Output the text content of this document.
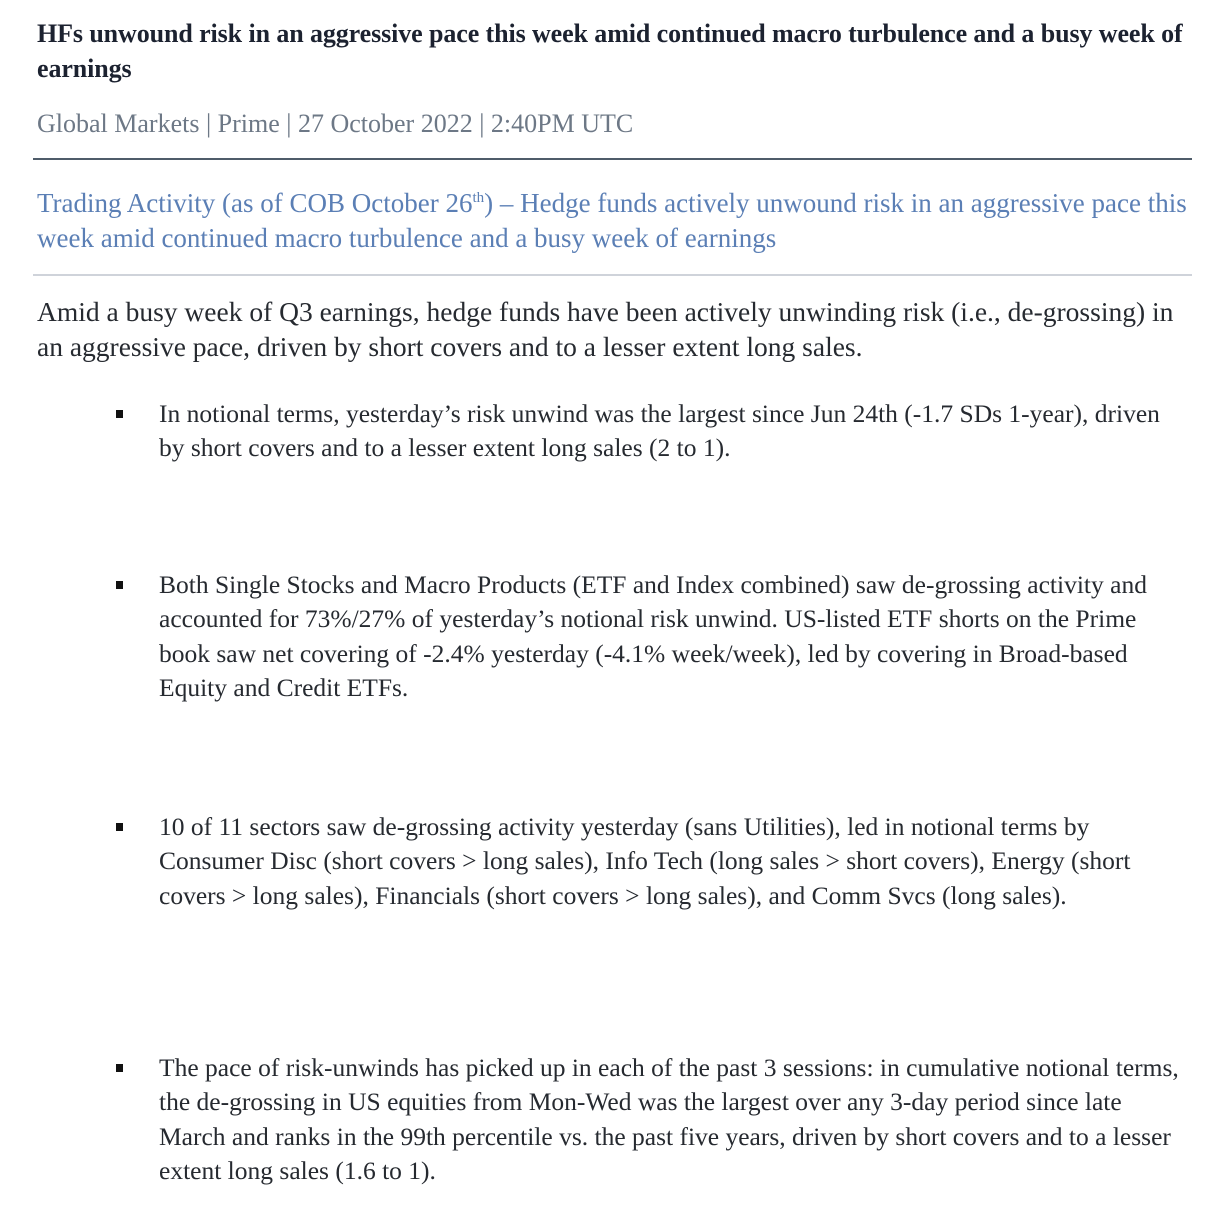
HFs unwound risk in an aggressive pace this week amid continued macro turbulence and a busy week of earnings
Global Markets | Prime | 27 October 2022 | 2:40PM UTC
Trading Activity (as of COB October 26th) – Hedge funds actively unwound risk in an aggressive pace this week amid continued macro turbulence and a busy week of earnings
Amid a busy week of Q3 earnings, hedge funds have been actively unwinding risk (i.e., de-grossing) in an aggressive pace, driven by short covers and to a lesser extent long sales.
In notional terms, yesterday’s risk unwind was the largest since Jun 24th (-1.7 SDs 1-year), driven by short covers and to a lesser extent long sales (2 to 1).
Both Single Stocks and Macro Products (ETF and Index combined) saw de-grossing activity and accounted for 73%/27% of yesterday’s notional risk unwind. US-listed ETF shorts on the Prime book saw net covering of -2.4% yesterday (-4.1% week/week), led by covering in Broad-based Equity and Credit ETFs.
10 of 11 sectors saw de-grossing activity yesterday (sans Utilities), led in notional terms by Consumer Disc (short covers > long sales), Info Tech (long sales > short covers), Energy (short covers > long sales), Financials (short covers > long sales), and Comm Svcs (long sales).
The pace of risk-unwinds has picked up in each of the past 3 sessions: in cumulative notional terms, the de-grossing in US equities from Mon-Wed was the largest over any 3-day period since late March and ranks in the 99th percentile vs. the past five years, driven by short covers and to a lesser extent long sales (1.6 to 1).
